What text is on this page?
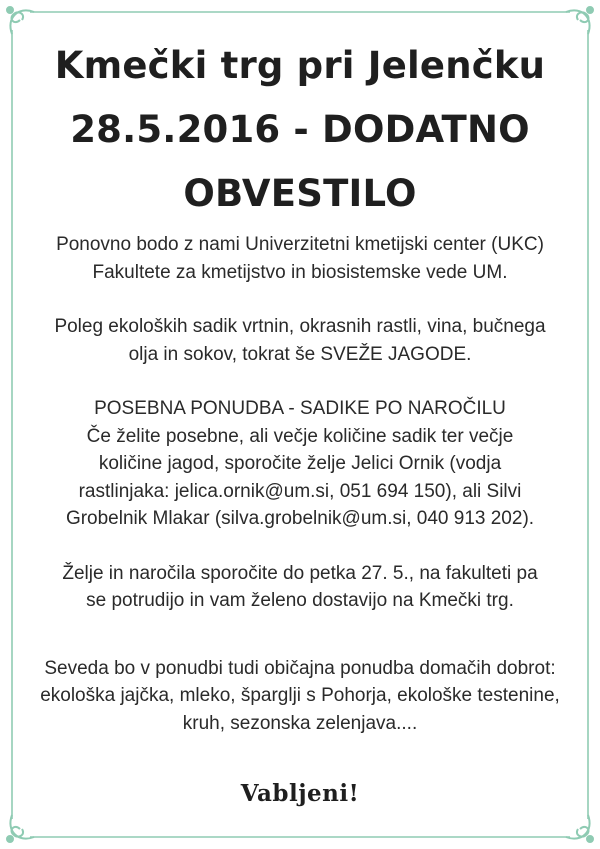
Kmečki trg pri Jelenčku
28.5.2016 - DODATNO
OBVESTILO

Ponovno bodo z nami Univerzitetni kmetijski center (UKC)
Fakultete za kmetijstvo in biosistemske vede UM.

Poleg ekoloških sadik vrtnin, okrasnih rastli, vina, bučnega
olja in sokov, tokrat še SVEŽE JAGODE.

POSEBNA PONUDBA - SADIKE PO NAROČILU
Če želite posebne, ali večje količine sadik ter večje
količine jagod, sporočite želje Jelici Ornik (vodja
rastlinjaka: jelica.ornik@um.si, 051 694 150), ali Silvi
Grobelnik Mlakar (silva.grobelnik@um.si, 040 913 202).

Želje in naročila sporočite do petka 27. 5., na fakulteti pa
se potrudijo in vam želeno dostavijo na Kmečki trg.

Seveda bo v ponudbi tudi običajna ponudba domačih dobrot:
ekološka jajčka, mleko, šparglji s Pohorja, ekološke testenine,
kruh, sezonska zelenjava....

Vabljeni!
